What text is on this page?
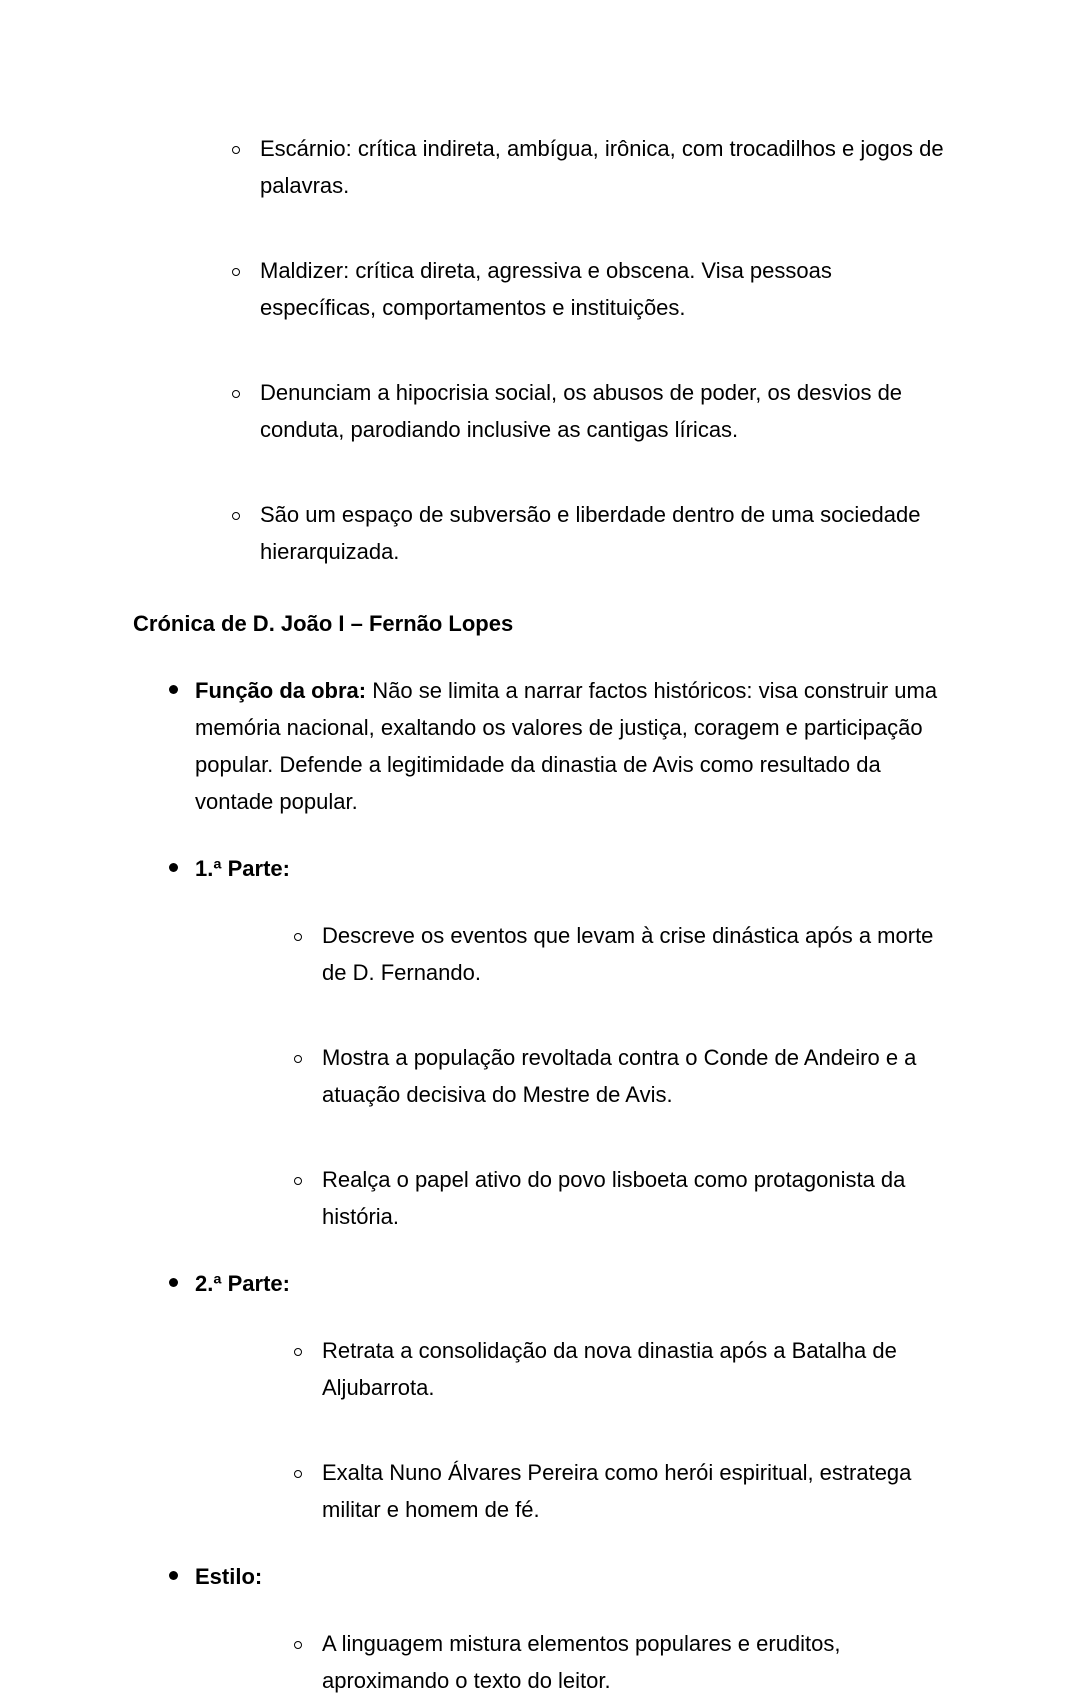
Escárnio: crítica indireta, ambígua, irônica, com trocadilhos e jogos de palavras.
Maldizer: crítica direta, agressiva e obscena. Visa pessoas específicas, comportamentos e instituições.
Denunciam a hipocrisia social, os abusos de poder, os desvios de conduta, parodiando inclusive as cantigas líricas.
São um espaço de subversão e liberdade dentro de uma sociedade hierarquizada.
Crónica de D. João I – Fernão Lopes
Função da obra: Não se limita a narrar factos históricos: visa construir uma memória nacional, exaltando os valores de justiça, coragem e participação popular. Defende a legitimidade da dinastia de Avis como resultado da vontade popular.
1.ª Parte:
Descreve os eventos que levam à crise dinástica após a morte de D. Fernando.
Mostra a população revoltada contra o Conde de Andeiro e a atuação decisiva do Mestre de Avis.
Realça o papel ativo do povo lisboeta como protagonista da história.
2.ª Parte:
Retrata a consolidação da nova dinastia após a Batalha de Aljubarrota.
Exalta Nuno Álvares Pereira como herói espiritual, estratega militar e homem de fé.
Estilo:
A linguagem mistura elementos populares e eruditos, aproximando o texto do leitor.
